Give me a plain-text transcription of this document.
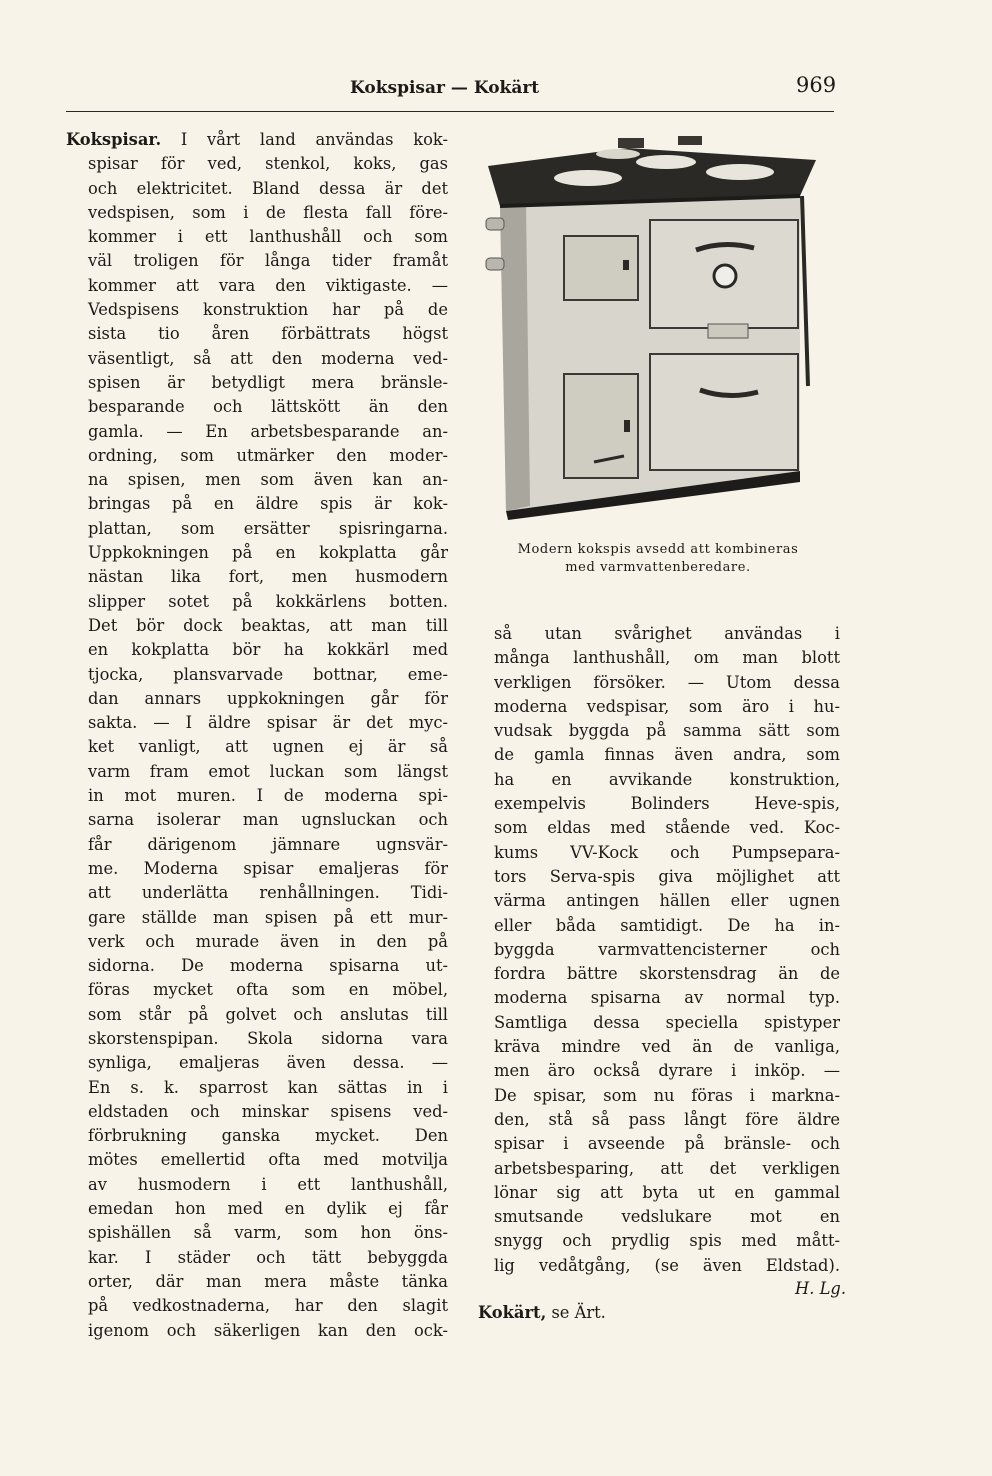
Kokspisar — Kokärt	969
Kokspisar. I vårt land användas kok-
spisar för ved, stenkol, koks, gas
och elektricitet. Bland dessa är det
vedspisen, som i de flesta fall före-
kommer i ett lanthushåll och som
väl troligen för långa tider framåt
kommer att vara den viktigaste. —
Vedspisens konstruktion har på de
sista tio åren förbättrats högst
väsentligt, så att den moderna ved-
spisen är betydligt mera bränsle-
besparande och lättskött än den
gamla. — En arbetsbesparande an-
ordning, som utmärker den moder-
na spisen, men som även kan an-
bringas på en äldre spis är kok-
plattan, som ersätter spisringarna.
Uppkokningen på en kokplatta går
nästan lika fort, men husmodern
slipper sotet på kokkärlens botten.
Det bör dock beaktas, att man till
en kokplatta bör ha kokkärl med
tjocka, plansvarvade bottnar, eme-
dan annars uppkokningen går för
sakta. — I äldre spisar är det myc-
ket vanligt, att ugnen ej är så
varm fram emot luckan som längst
in mot muren. I de moderna spi-
sarna isolerar man ugnsluckan och
får därigenom jämnare ugnsvär-
me. Moderna spisar emaljeras för
att underlätta renhållningen. Tidi-
gare ställde man spisen på ett mur-
verk och murade även in den på
sidorna. De moderna spisarna ut-
föras mycket ofta som en möbel,
som står på golvet och anslutas till
skorstenspipan. Skola sidorna vara
synliga, emaljeras även dessa. —
En s. k. sparrost kan sättas in i
eldstaden och minskar spisens ved-
förbrukning ganska mycket. Den
mötes emellertid ofta med motvilja
av husmodern i ett lanthushåll,
emedan hon med en dylik ej får
spishällen så varm, som hon öns-
kar. I städer och tätt bebyggda
orter, där man mera måste tänka
på vedkostnaderna, har den slagit
igenom och säkerligen kan den ock-
Modern kokspis avsedd att kombineras
med varmvattenberedare.
så utan svårighet användas i
många lanthushåll, om man blott
verkligen försöker. — Utom dessa
moderna vedspisar, som äro i hu-
vudsak byggda på samma sätt som
de gamla finnas även andra, som
ha en avvikande konstruktion,
exempelvis Bolinders Heve-spis,
som eldas med stående ved. Koc-
kums VV-Kock och Pumpsepara-
tors Serva-spis giva möjlighet att
värma antingen hällen eller ugnen
eller båda samtidigt. De ha in-
byggda varmvattencisterner och
fordra bättre skorstensdrag än de
moderna spisarna av normal typ.
Samtliga dessa speciella spistyper
kräva mindre ved än de vanliga,
men äro också dyrare i inköp. —
De spisar, som nu föras i markna-
den, stå så pass långt före äldre
spisar i avseende på bränsle- och
arbetsbesparing, att det verkligen
lönar sig att byta ut en gammal
smutsande vedslukare mot en
snygg och prydlig spis med mått-
lig vedåtgång, (se även Eldstad).
H. Lg.
Kokärt, se Ärt.
